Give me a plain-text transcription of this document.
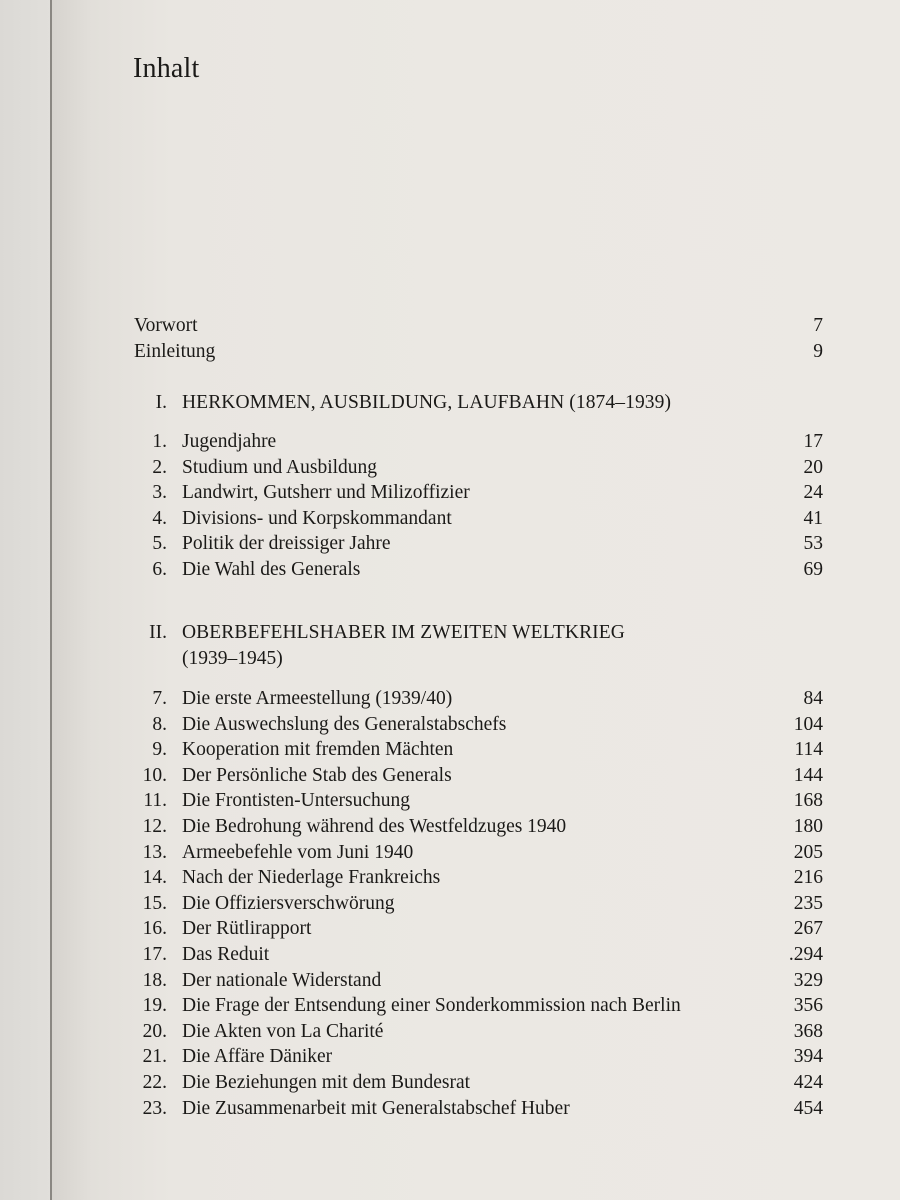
Inhalt
Vorwort	7
Einleitung	9
I. HERKOMMEN, AUSBILDUNG, LAUFBAHN (1874–1939)
1. Jugendjahre	17
2. Studium und Ausbildung	20
3. Landwirt, Gutsherr und Milizoffizier	24
4. Divisions- und Korpskommandant	41
5. Politik der dreissiger Jahre	53
6. Die Wahl des Generals	69
II. OBERBEFEHLSHABER IM ZWEITEN WELTKRIEG
(1939–1945)
7. Die erste Armeestellung (1939/40)	84
8. Die Auswechslung des Generalstabschefs	104
9. Kooperation mit fremden Mächten	114
10. Der Persönliche Stab des Generals	144
11. Die Frontisten-Untersuchung	168
12. Die Bedrohung während des Westfeldzuges 1940	180
13. Armeebefehle vom Juni 1940	205
14. Nach der Niederlage Frankreichs	216
15. Die Offiziersverschwörung	235
16. Der Rütlirapport	267
17. Das Reduit	.294
18. Der nationale Widerstand	329
19. Die Frage der Entsendung einer Sonderkommission nach Berlin	356
20. Die Akten von La Charité	368
21. Die Affäre Däniker	394
22. Die Beziehungen mit dem Bundesrat	424
23. Die Zusammenarbeit mit Generalstabschef Huber	454
